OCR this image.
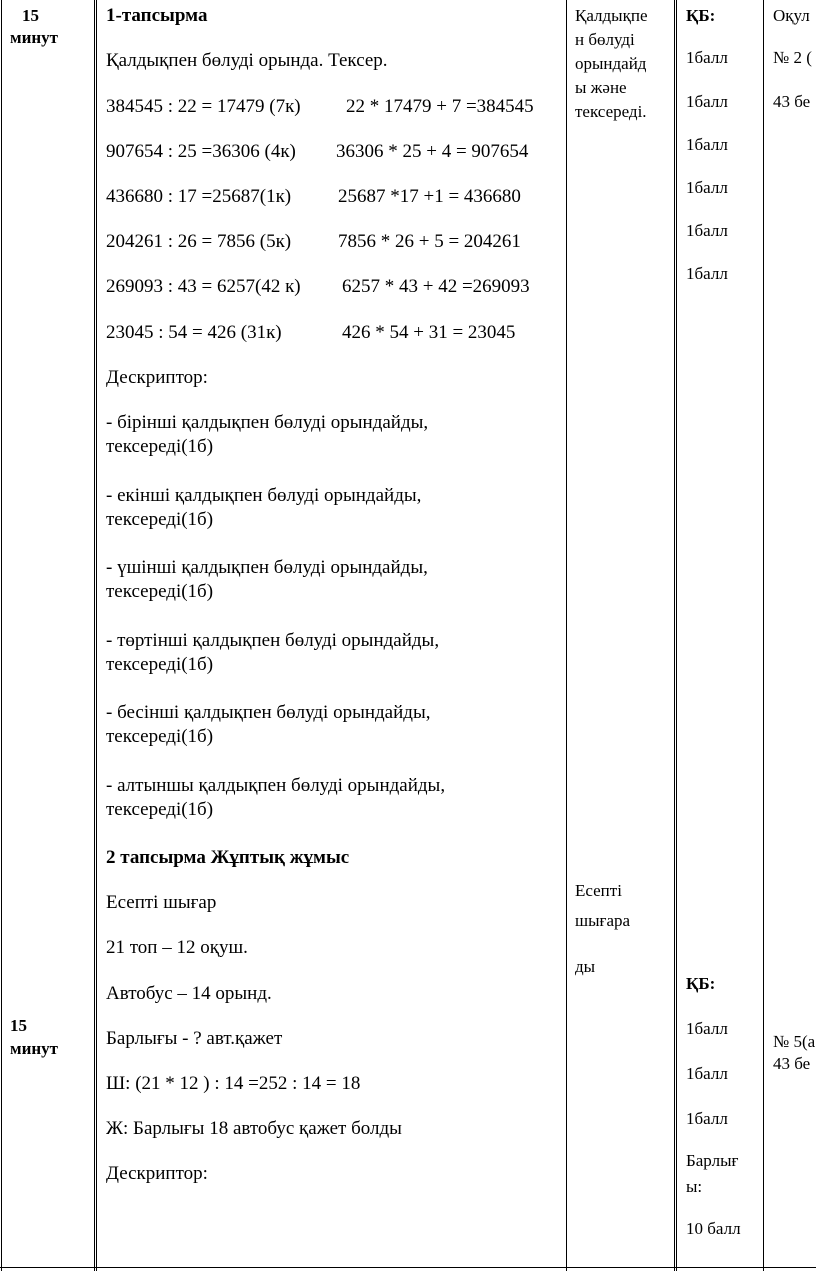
15
минут
15
минут
1-тапсырма
Қалдықпен бөлуді орында. Тексер.
384545 : 22 = 17479 (7к) 22 * 17479 + 7 =384545
907654 : 25 =36306 (4к) 36306 * 25 + 4 = 907654
436680 : 17 =25687(1к) 25687 *17 +1 = 436680
204261 : 26 = 7856 (5к) 7856 * 26 + 5 = 204261
269093 : 43 = 6257(42 к) 6257 * 43 + 42 =269093
23045 : 54 = 426 (31к)	426 * 54 + 31 = 23045
Дескриптор:
- бірінші қалдықпен бөлуді орындайды,
тексереді(1б)
- екінші қалдықпен бөлуді орындайды,
тексереді(1б)
- үшінші қалдықпен бөлуді орындайды,
тексереді(1б)
- төртінші қалдықпен бөлуді орындайды,
тексереді(1б)
- бесінші қалдықпен бөлуді орындайды,
тексереді(1б)
- алтыншы қалдықпен бөлуді орындайды,
тексереді(1б)
2 тапсырма Жұптық жұмыс
Есепті шығар
21 топ – 12 оқуш.
Автобус – 14 орынд.
Барлығы - ? авт.қажет
Ш: (21 * 12 ) : 14 =252 : 14 = 18
Ж: Барлығы 18 автобус қажет болды
Дескриптор:
Қалдықпе
н бөлуді
орындайд
ы және
тексереді.
Есепті
шығара
ды
ҚБ:
1балл
1балл
1балл
1балл
1балл
1балл
ҚБ:
1балл
1балл
1балл
Барлығ
ы:
10 балл
Оқул
№ 2 (
43 бе
№ 5(а
43 бе
